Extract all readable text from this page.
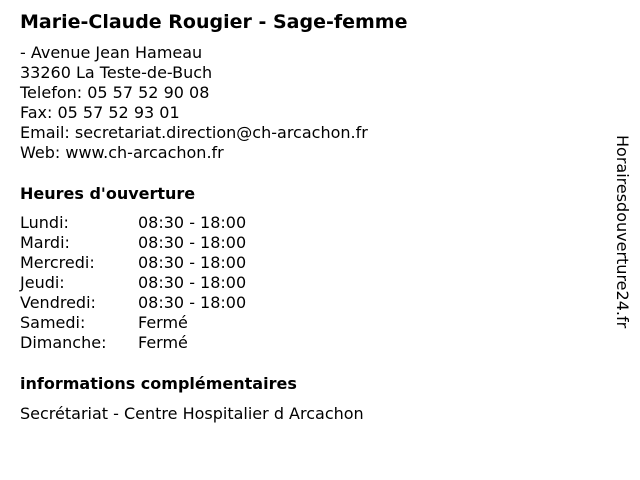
Marie-Claude Rougier - Sage-femme
- Avenue Jean Hameau
33260 La Teste-de-Buch
Telefon: 05 57 52 90 08
Fax: 05 57 52 93 01
Email: secretariat.direction@ch-arcachon.fr
Web: www.ch-arcachon.fr
Heures d'ouverture
Lundi:	08:30 - 18:00
Mardi:	08:30 - 18:00
Mercredi:	08:30 - 18:00
Jeudi:	08:30 - 18:00
Vendredi:	08:30 - 18:00
Samedi:	Fermé
Dimanche: Fermé
informations complémentaires
Secrétariat - Centre Hospitalier d Arcachon
Horairesdouverture24.fr
